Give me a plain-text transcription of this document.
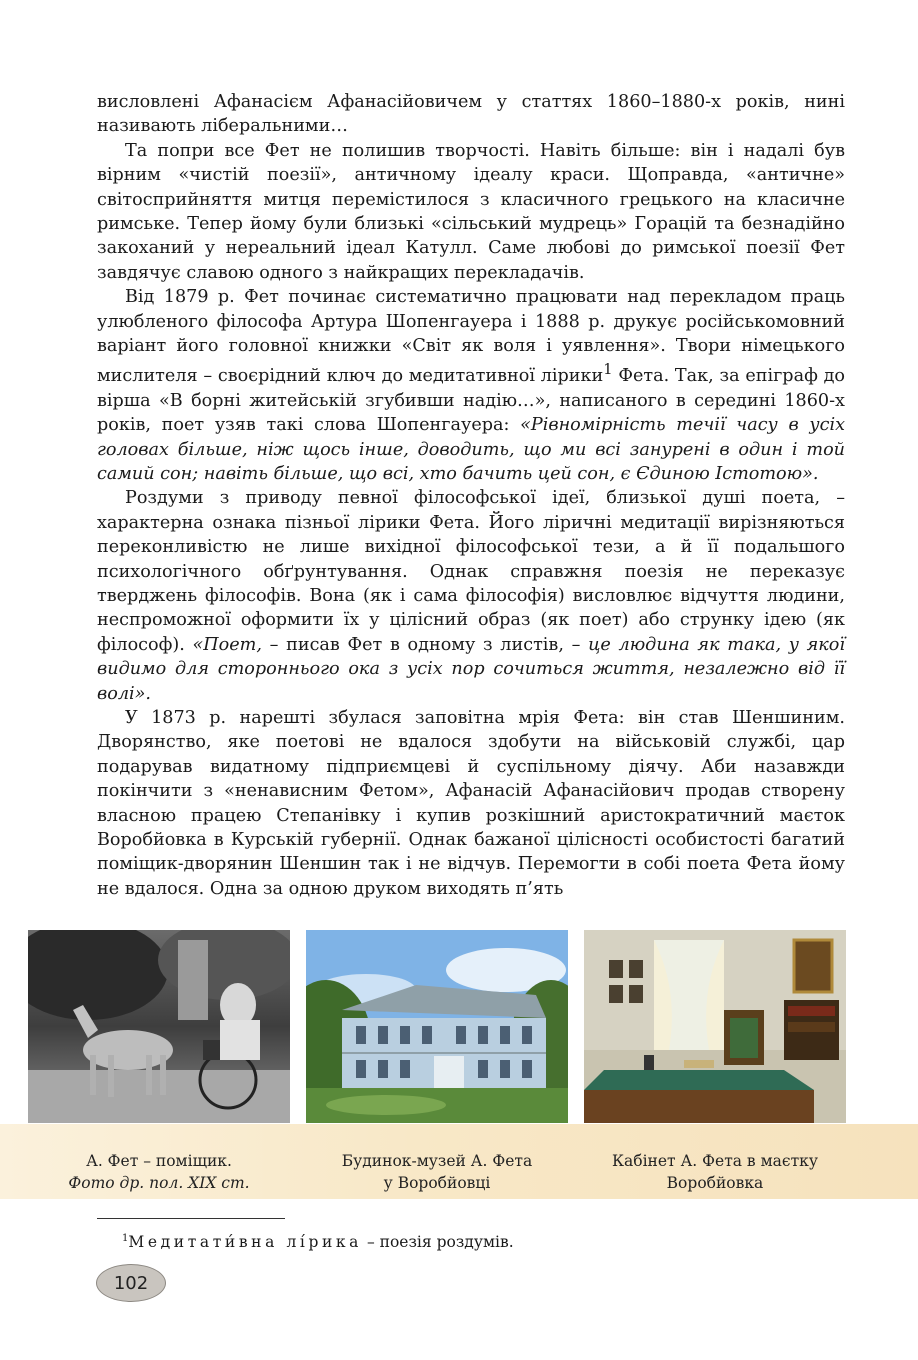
висловлені Афанасієм Афанасійовичем у статтях 1860–1880-х років, нині називають ліберальними…

Та попри все Фет не полишив творчості. Навіть більше: він і надалі був вірним «чистій поезії», античному ідеалу краси. Щоправда, «античне» світосприйняття митця перемістилося з класичного грецького на класичне римське. Тепер йому були близькі «сільський мудрець» Горацій та безнадійно закоханий у нереальний ідеал Катулл. Саме любові до римської поезії Фет завдячує славою одного з найкращих перекладачів.

Від 1879 р. Фет починає систематично працювати над перекладом праць улюбленого філософа Артура Шопенгауера і 1888 р. друкує російськомовний варіант його головної книжки «Світ як воля і уявлення». Твори німецького мислителя – своєрідний ключ до медитативної лірики$^1$ Фета. Так, за епіграф до вірша «В борні житейській згубивши надію…», написаного в середині 1860-х років, поет узяв такі слова Шопенгауера: «Рівномірність течії часу в усіх головах більше, ніж щось інше, доводить, що ми всі занурені в один і той самий сон; навіть більше, що всі, хто бачить цей сон, є Єдиною Істотою».

Роздуми з приводу певної філософської ідеї, близької душі поета, – характерна ознака пізньої лірики Фета. Його ліричні медитації вирізняються переконливістю не лише вихідної філософської тези, а й її подальшого психологічного обґрунтування. Однак справжня поезія не переказує тверджень філософів. Вона (як і сама філософія) висловлює відчуття людини, неспроможної оформити їх у цілісний образ (як поет) або струнку ідею (як філософ). «Поет, – писав Фет в одному з листів, – це людина як така, у якої видимо для стороннього ока з усіх пор сочиться життя, незалежно від її волі».

У 1873 р. нарешті збулася заповітна мрія Фета: він став Шеншиним. Дворянство, яке поетові не вдалося здобути на військовій службі, цар подарував видатному підприємцеві й суспільному діячу. Аби назавжди покінчити з «ненависним Фетом», Афанасій Афанасійович продав створену власною працею Степанівку і купив розкішний аристократичний маєток Воробйовка в Курській губернії. Однак бажаної цілісності особистості багатий поміщик-дворянин Шеншин так і не відчув. Перемогти в собі поета Фета йому не вдалося. Одна за одною друком виходять п’ять

А. Фет – поміщик.
Фото др. пол. XIX ст.
Будинок-музей А. Фета
у Воробйовці
Кабінет А. Фета в маєтку
Воробйовка
$^1$Медитати́вна лі́рика – поезія роздумів.
102
